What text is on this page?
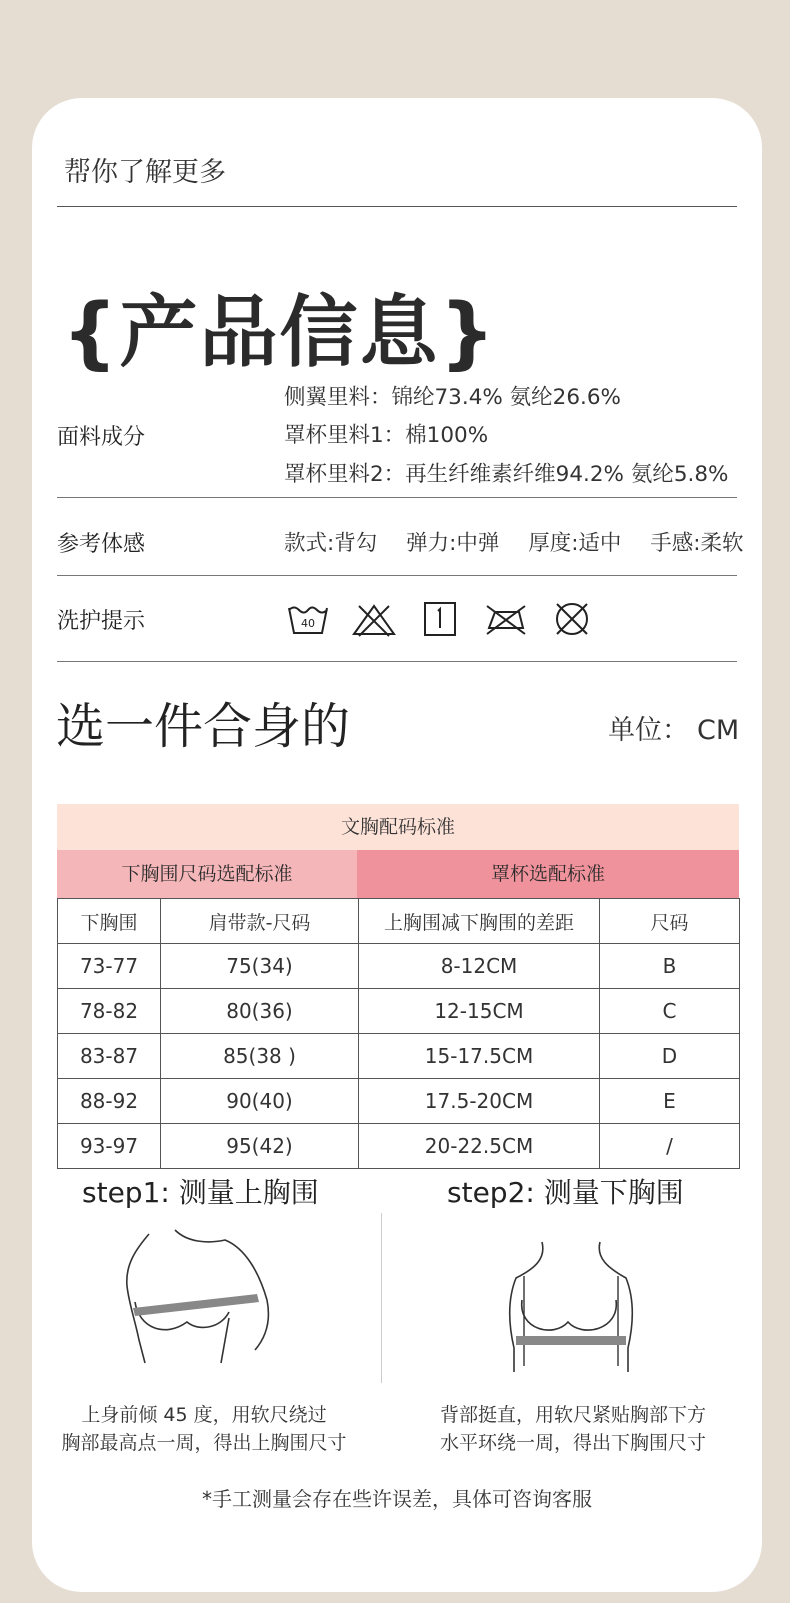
帮你了解更多
{产品信息}
面料成分
侧翼里料：锦纶73.4% 氨纶26.6%
罩杯里料1：棉100%
罩杯里料2：再生纤维素纤维94.2% 氨纶5.8%
参考体感	款式:背勾 弹力:中弹 厚度:适中 手感:柔软
洗护提示	40
选一件合身的	单位： CM
文胸配码标准
下胸围尺码选配标准	罩杯选配标准
下胸围	肩带款-尺码	上胸围减下胸围的差距	尺码
73-77	75(34)	8-12CM	B
78-82	80(36)	12-15CM	C
83-87	85(38 )	15-17.5CM	D
88-92	90(40)	17.5-20CM	E
93-97	95(42)	20-22.5CM	/
step1: 测量上胸围	step2: 测量下胸围
上身前倾 45 度，用软尺绕过
胸部最高点一周，得出上胸围尺寸
背部挺直，用软尺紧贴胸部下方
水平环绕一周，得出下胸围尺寸
*手工测量会存在些许误差，具体可咨询客服
